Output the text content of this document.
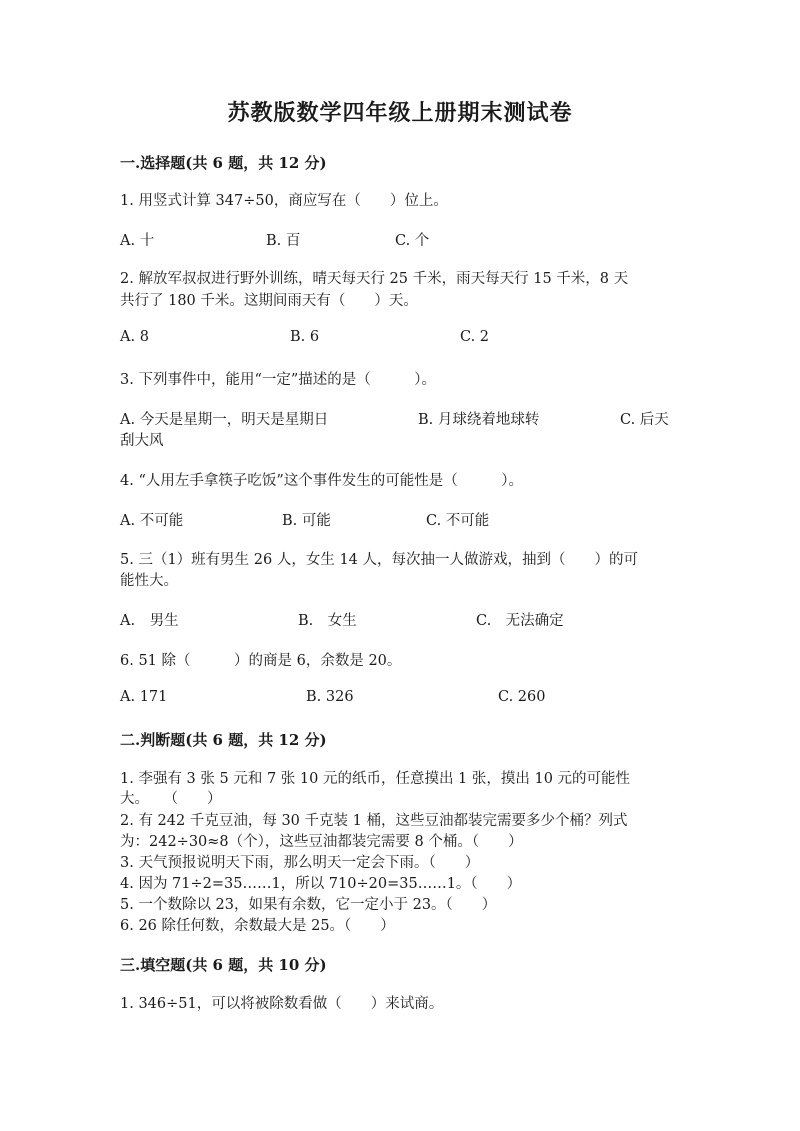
苏教版数学四年级上册期末测试卷
一.选择题(共 6 题，共 12 分)
1. 用竖式计算 347÷50，商应写在（　　）位上。
A. 十	B. 百	C. 个
2. 解放军叔叔进行野外训练，晴天每天行 25 千米，雨天每天行 15 千米，8 天
共行了 180 千米。这期间雨天有（　　）天。
A. 8	B. 6	C. 2
3. 下列事件中，能用“一定”描述的是（　　　）。
A. 今天是星期一，明天是星期日	B. 月球绕着地球转	C. 后天
刮大风
4. “人用左手拿筷子吃饭”这个事件发生的可能性是（　　　）。
A. 不可能	B. 可能	C. 不可能
5. 三（1）班有男生 26 人，女生 14 人，每次抽一人做游戏，抽到（　　）的可
能性大。
A.　男生	B.　女生	C.　无法确定
6. 51 除（　　　）的商是 6，余数是 20。
A. 171	B. 326	C. 260
二.判断题(共 6 题，共 12 分)
1. 李强有 3 张 5 元和 7 张 10 元的纸币，任意摸出 1 张，摸出 10 元的可能性
大。　　（　　）
2. 有 242 千克豆油，每 30 千克装 1 桶，这些豆油都装完需要多少个桶？列式
为：242÷30≈8（个），这些豆油都装完需要 8 个桶。（　　）
3. 天气预报说明天下雨，那么明天一定会下雨。（　　）
4. 因为 71÷2=35……1，所以 710÷20=35……1。（　　）
5. 一个数除以 23，如果有余数，它一定小于 23。（　　）
6. 26 除任何数，余数最大是 25。（　　）
三.填空题(共 6 题，共 10 分)
1. 346÷51，可以将被除数看做（　　）来试商。
